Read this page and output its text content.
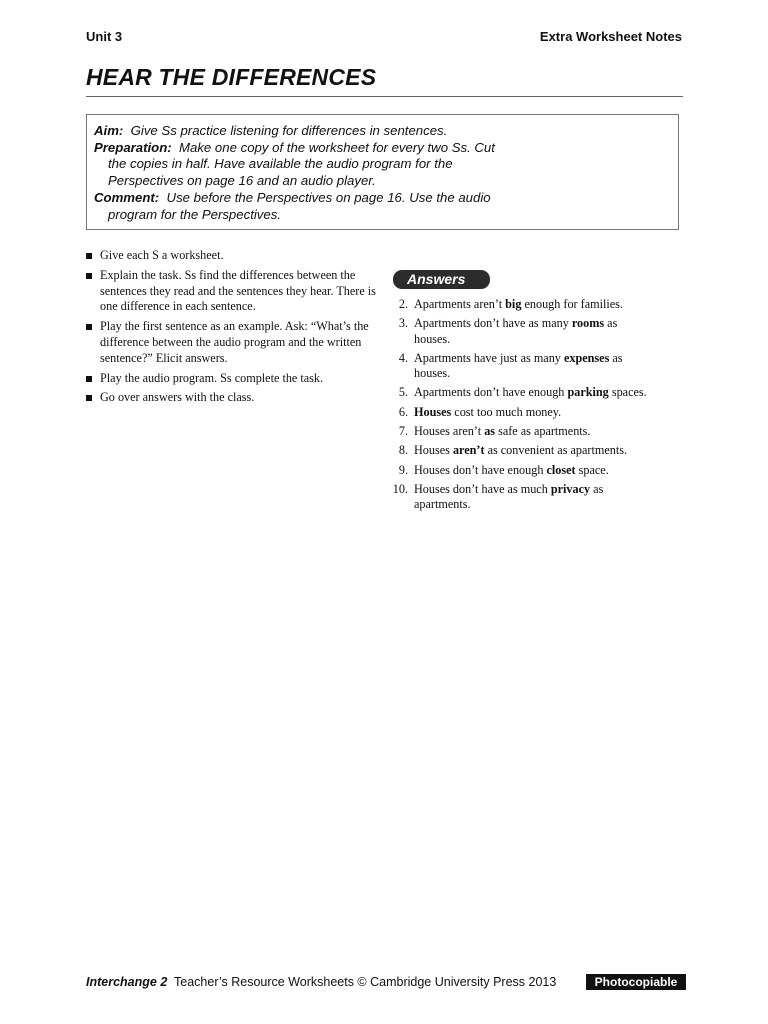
Unit 3	Extra Worksheet Notes
HEAR THE DIFFERENCES

Aim: Give Ss practice listening for differences in sentences.

Preparation: Make one copy of the worksheet for every two Ss. Cut the copies in half. Have available the audio program for the Perspectives on page 16 and an audio player.

Comment: Use before the Perspectives on page 16. Use the audio program for the Perspectives.

Give each S a worksheet.
Explain the task. Ss find the differences between the sentences they read and the sentences they hear. There is one difference in each sentence.
Play the first sentence as an example. Ask: “What’s the difference between the audio program and the written sentence?” Elicit answers.
Play the audio program. Ss complete the task.
Go over answers with the class.
Answers
2. Apartments aren’t big enough for families.
3. Apartments don’t have as many rooms as houses.
4. Apartments have just as many expenses as houses.
5. Apartments don’t have enough parking spaces.
6. Houses cost too much money.
7. Houses aren’t as safe as apartments.
8. Houses aren’t as convenient as apartments.
9. Houses don’t have enough closet space.
10. Houses don’t have as much privacy as apartments.
Interchange 2 Teacher’s Resource Worksheets © Cambridge University Press 2013	Photocopiable
